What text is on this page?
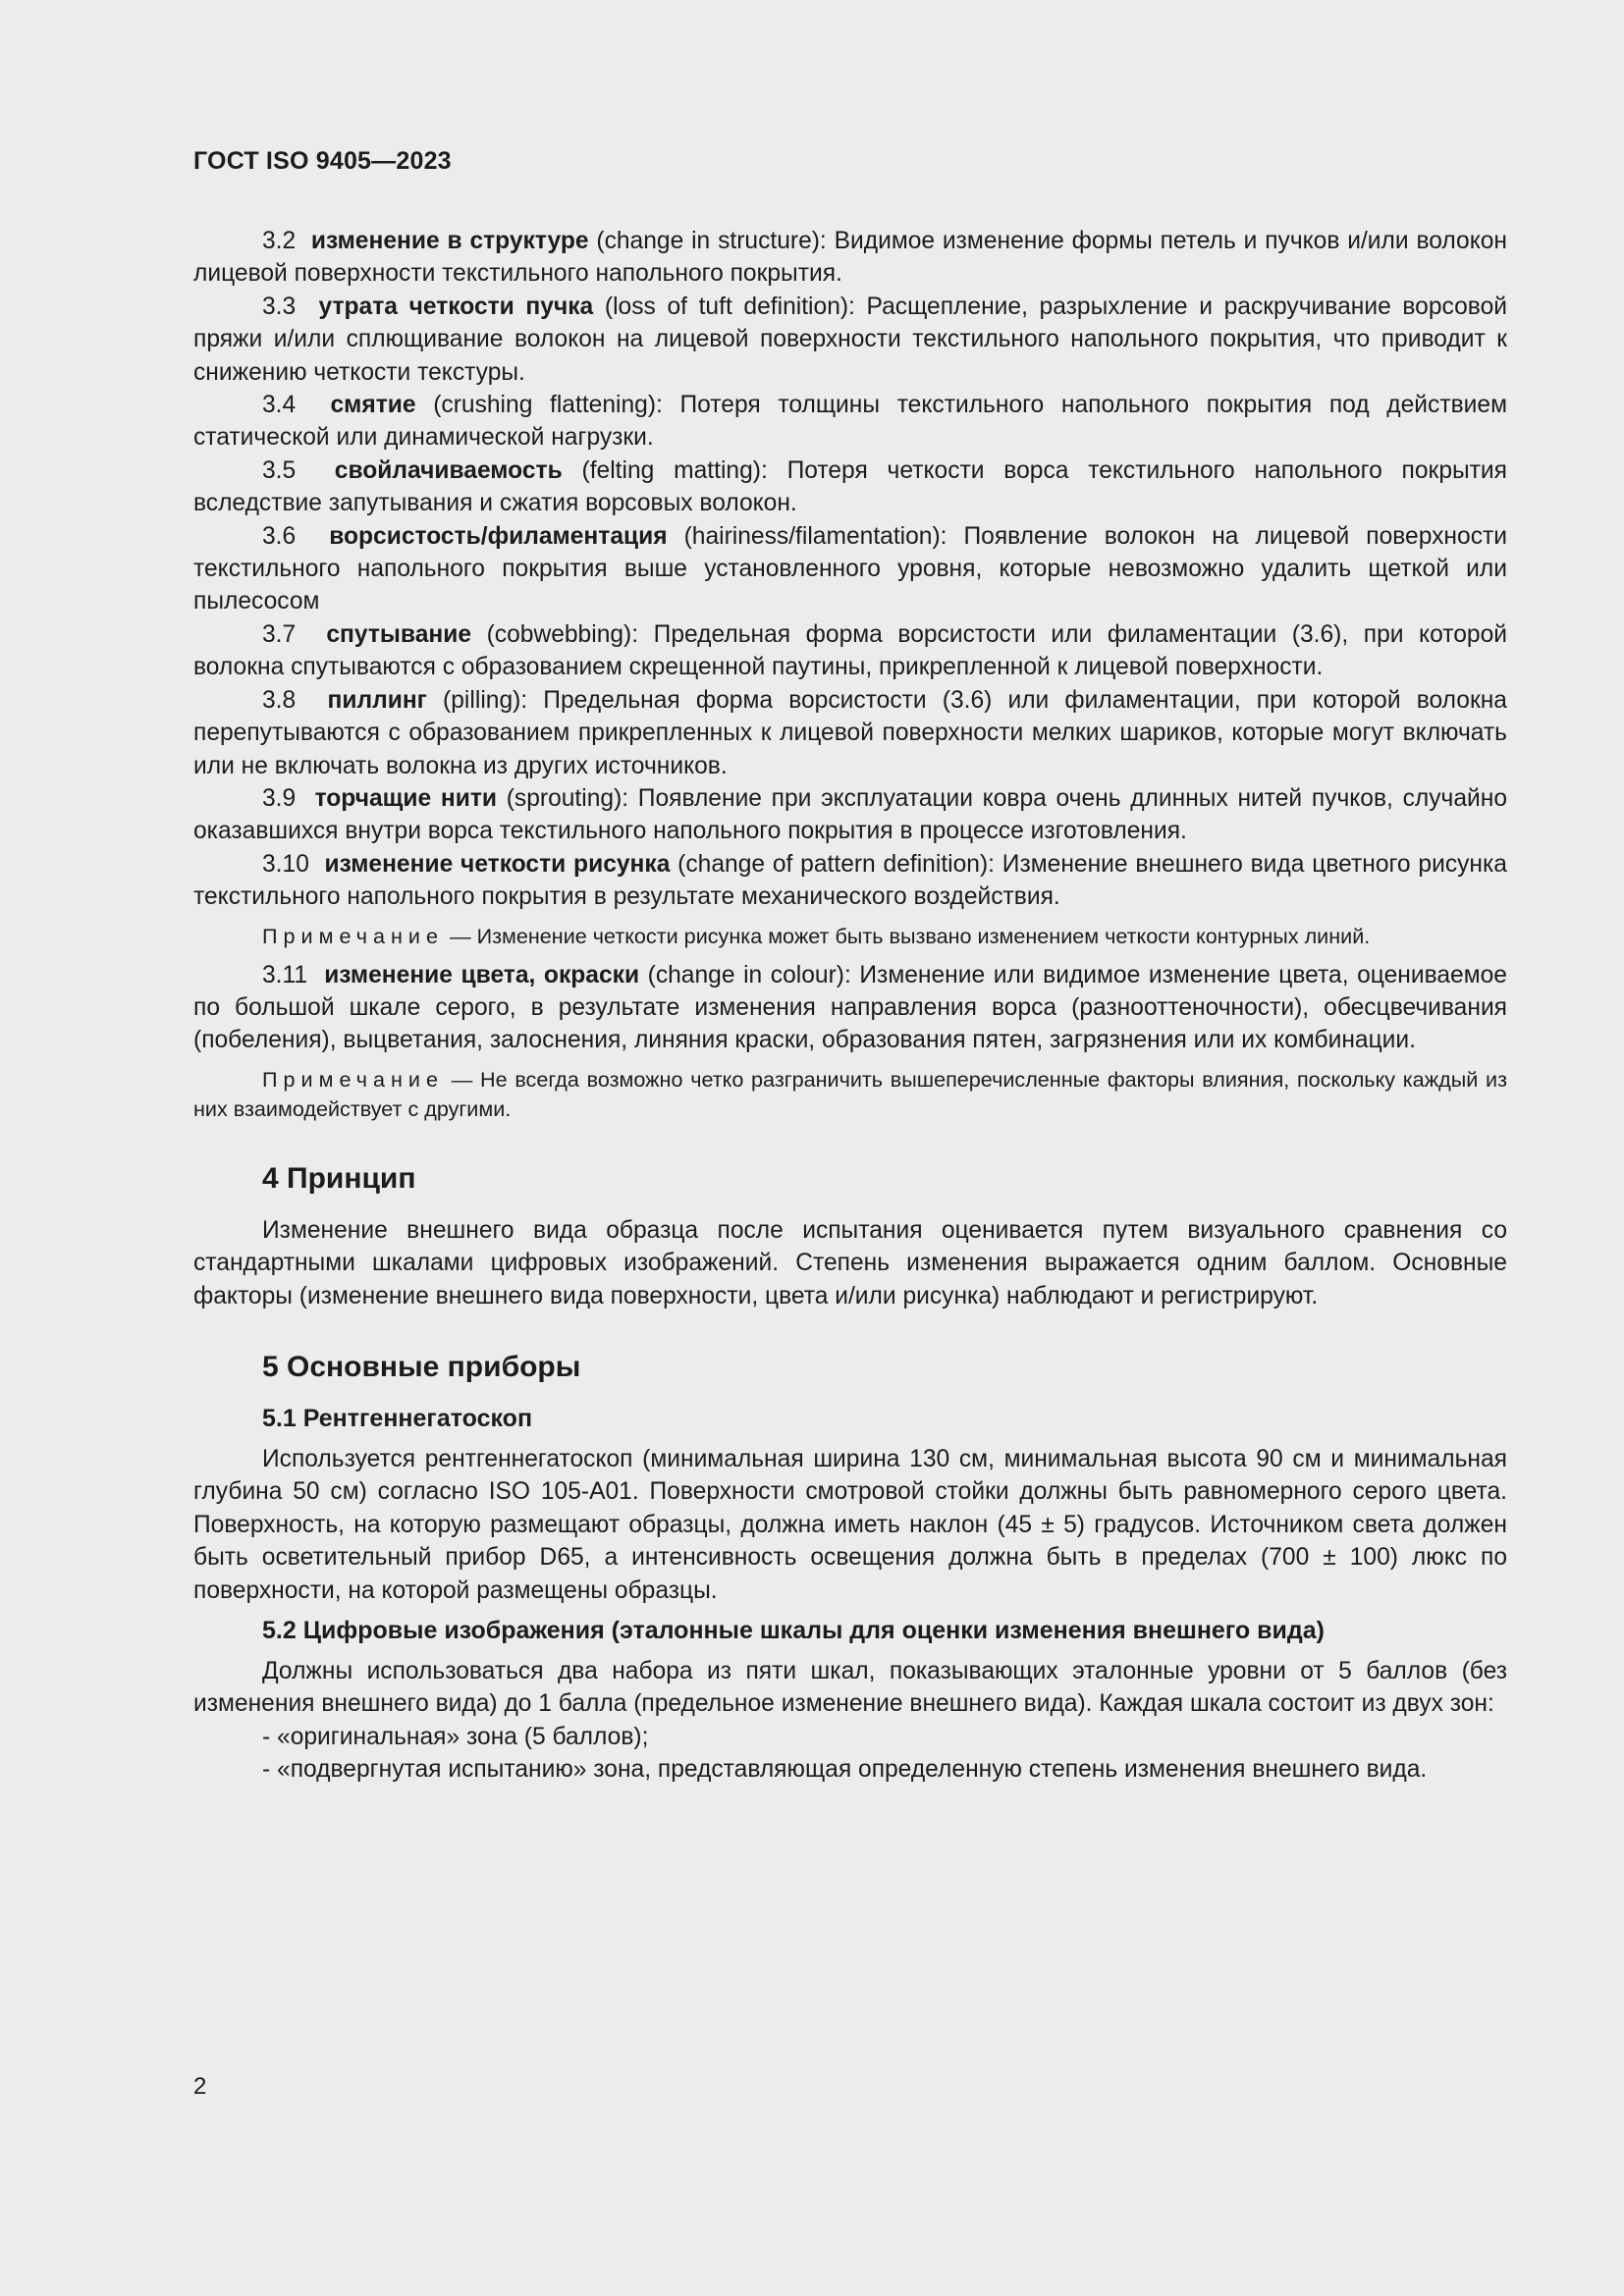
ГОСТ ISO 9405—2023

3.2 изменение в структуре (change in structure): Видимое изменение формы петель и пучков и/или волокон лицевой поверхности текстильного напольного покрытия.

3.3 утрата четкости пучка (loss of tuft definition): Расщепление, разрыхление и раскручивание ворсовой пряжи и/или сплющивание волокон на лицевой поверхности текстильного напольного покрытия, что приводит к снижению четкости текстуры.

3.4 смятие (crushing flattening): Потеря толщины текстильного напольного покрытия под действием статической или динамической нагрузки.

3.5 свойлачиваемость (felting matting): Потеря четкости ворса текстильного напольного покрытия вследствие запутывания и сжатия ворсовых волокон.

3.6 ворсистость/филаментация (hairiness/filamentation): Появление волокон на лицевой поверхности текстильного напольного покрытия выше установленного уровня, которые невозможно удалить щеткой или пылесосом

3.7 спутывание (cobwebbing): Предельная форма ворсистости или филаментации (3.6), при которой волокна спутываются с образованием скрещенной паутины, прикрепленной к лицевой поверхности.

3.8 пиллинг (pilling): Предельная форма ворсистости (3.6) или филаментации, при которой волокна перепутываются с образованием прикрепленных к лицевой поверхности мелких шариков, которые могут включать или не включать волокна из других источников.

3.9 торчащие нити (sprouting): Появление при эксплуатации ковра очень длинных нитей пучков, случайно оказавшихся внутри ворса текстильного напольного покрытия в процессе изготовления.

3.10 изменение четкости рисунка (change of pattern definition): Изменение внешнего вида цветного рисунка текстильного напольного покрытия в результате механического воздействия.

Примечание — Изменение четкости рисунка может быть вызвано изменением четкости контурных линий.

3.11 изменение цвета, окраски (change in colour): Изменение или видимое изменение цвета, оцениваемое по большой шкале серого, в результате изменения направления ворса (разнооттеночности), обесцвечивания (побеления), выцветания, залоснения, линяния краски, образования пятен, загрязнения или их комбинации.

Примечание — Не всегда возможно четко разграничить вышеперечисленные факторы влияния, поскольку каждый из них взаимодействует с другими.

4 Принцип

Изменение внешнего вида образца после испытания оценивается путем визуального сравнения со стандартными шкалами цифровых изображений. Степень изменения выражается одним баллом. Основные факторы (изменение внешнего вида поверхности, цвета и/или рисунка) наблюдают и регистрируют.

5 Основные приборы
5.1 Рентгеннегатоскоп

Используется рентгеннегатоскоп (минимальная ширина 130 см, минимальная высота 90 см и минимальная глубина 50 см) согласно ISO 105-A01. Поверхности смотровой стойки должны быть равномерного серого цвета. Поверхность, на которую размещают образцы, должна иметь наклон (45 ± 5) градусов. Источником света должен быть осветительный прибор D65, а интенсивность освещения должна быть в пределах (700 ± 100) люкс по поверхности, на которой размещены образцы.

5.2 Цифровые изображения (эталонные шкалы для оценки изменения внешнего вида)

Должны использоваться два набора из пяти шкал, показывающих эталонные уровни от 5 баллов (без изменения внешнего вида) до 1 балла (предельное изменение внешнего вида). Каждая шкала состоит из двух зон:

- «оригинальная» зона (5 баллов);

- «подвергнутая испытанию» зона, представляющая определенную степень изменения внешнего вида.

2
